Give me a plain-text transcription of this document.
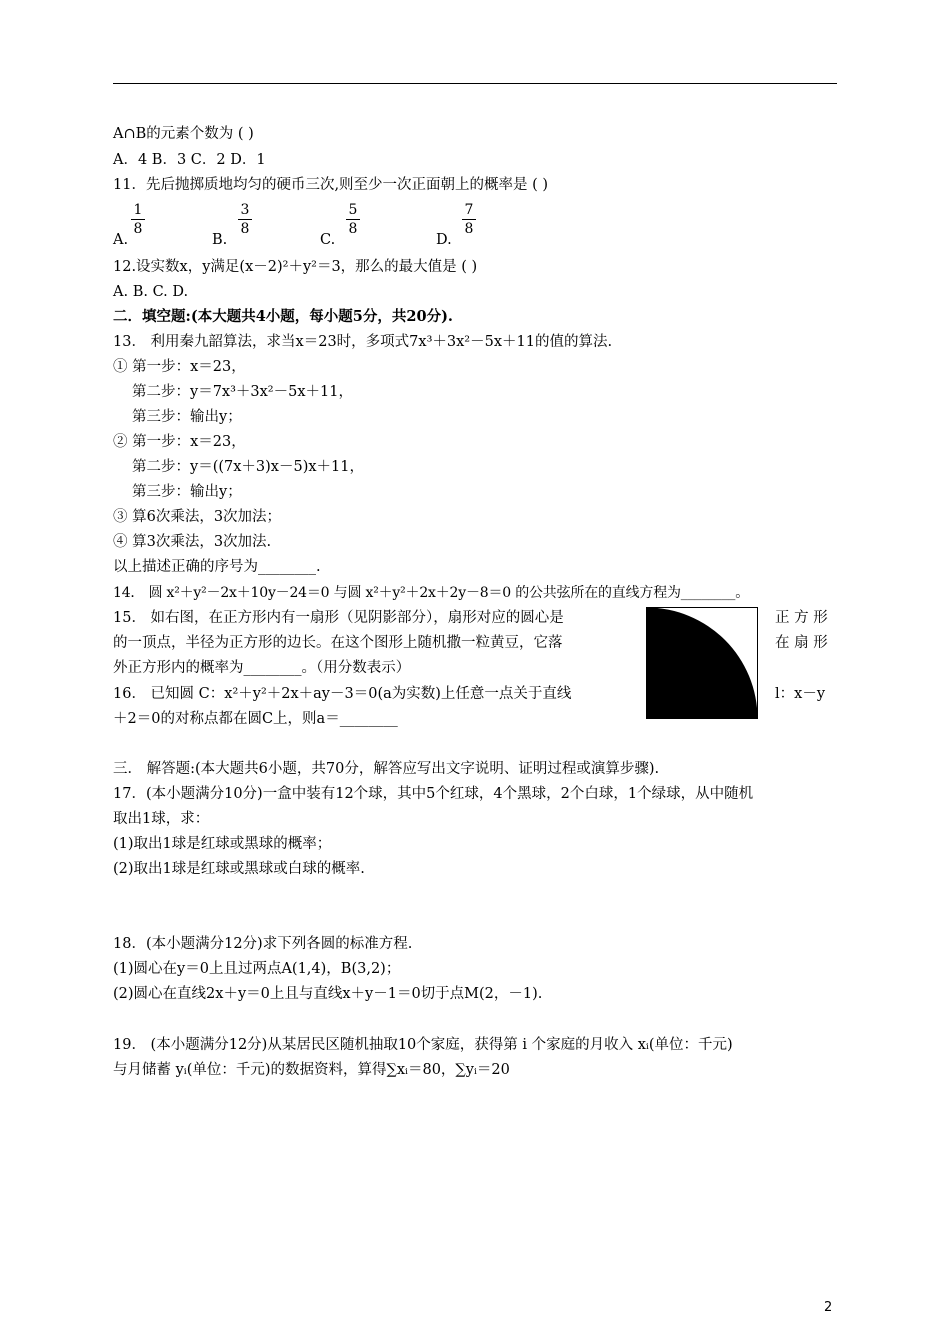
A∩B的元素个数为 ( )
A．4 B．3 C．2 D．1
11．先后抛掷质地均匀的硬币三次,则至少一次正面朝上的概率是 ( )
1
8
3
8
5
8
7
8
A.	B.	C.	D.
12.设实数x，y满足(x－2)²＋y²＝3，那么的最大值是 ( )
A. B. C. D.
二．填空题:(本大题共4小题，每小题5分，共20分).
13． 利用秦九韶算法，求当x＝23时，多项式7x³＋3x²－5x＋11的值的算法.
① 第一步：x＝23，
第二步：y＝7x³＋3x²－5x＋11，
第三步：输出y；
② 第一步：x＝23，
第二步：y＝((7x＋3)x－5)x＋11，
第三步：输出y；
③ 算6次乘法，3次加法；
④ 算3次乘法，3次加法.
以上描述正确的序号为________.
14． 圆 x²＋y²－2x＋10y－24＝0 与圆 x²＋y²＋2x＋2y－8＝0 的公共弦所在的直线方程为________。
15． 如右图，在正方形内有一扇形（见阴影部分），扇形对应的圆心是	正 方 形
的一顶点，半径为正方形的边长。在这个图形上随机撒一粒黄豆，它落	在 扇 形
外正方形内的概率为________。（用分数表示）
16． 已知圆 C：x²＋y²＋2x＋ay－3＝0(a为实数)上任意一点关于直线	l：x－y
＋2＝0的对称点都在圆C上，则a＝________
三． 解答题:(本大题共6小题，共70分，解答应写出文字说明、证明过程或演算步骤).
17．(本小题满分10分)一盒中装有12个球，其中5个红球，4个黑球，2个白球，1个绿球，从中随机
取出1球，求：
(1)取出1球是红球或黑球的概率；
(2)取出1球是红球或黑球或白球的概率.
18．(本小题满分12分)求下列各圆的标准方程.
(1)圆心在y＝0上且过两点A(1,4)，B(3,2)；
(2)圆心在直线2x＋y＝0上且与直线x＋y－1＝0切于点M(2，－1).
19． (本小题满分12分)从某居民区随机抽取10个家庭，获得第 i 个家庭的月收入 xᵢ(单位：千元)
与月储蓄 yᵢ(单位：千元)的数据资料，算得∑xᵢ＝80，∑yᵢ＝20
2
